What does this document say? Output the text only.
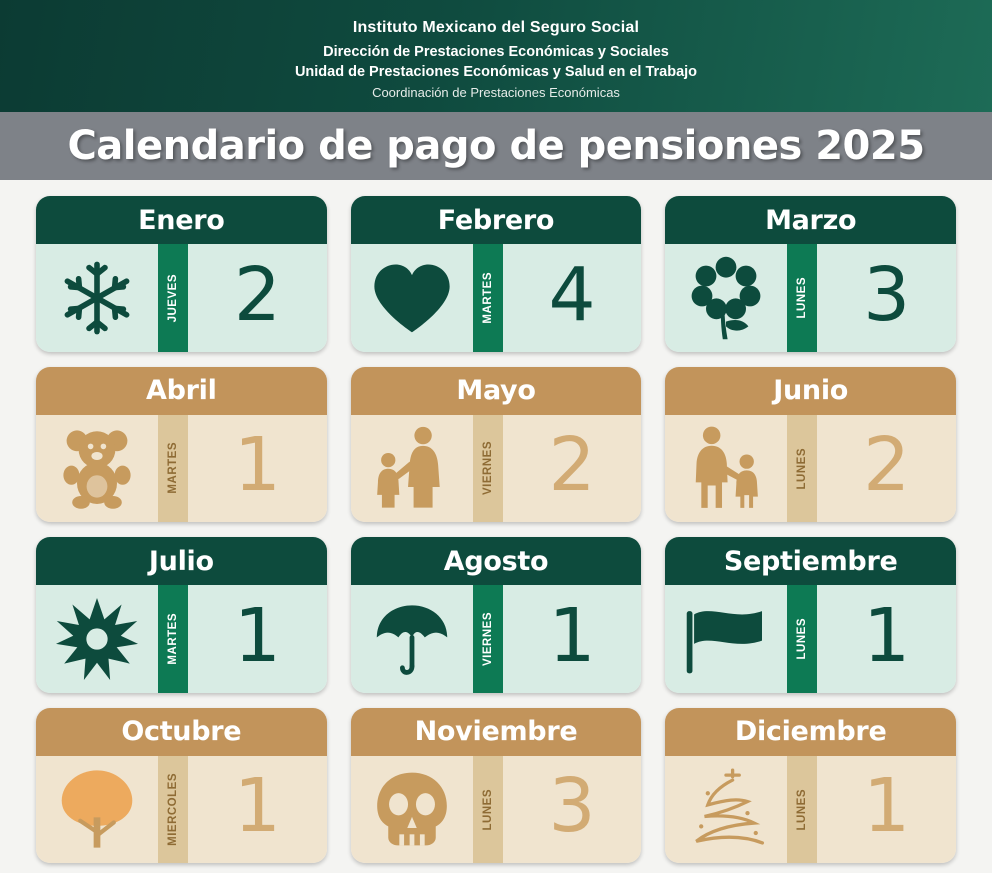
Instituto Mexicano del Seguro Social
Dirección de Prestaciones Económicas y Sociales
Unidad de Prestaciones Económicas y Salud en el Trabajo
Coordinación de Prestaciones Económicas
Calendario de pago de pensiones 2025
Enero
JUEVES 2
Febrero
MARTES 4
Marzo
LUNES 3
Abril
MARTES 1
Mayo
VIERNES 2
Junio
LUNES 2
Julio
MARTES 1
Agosto
VIERNES 1
Septiembre
LUNES 1
Octubre
MIERCOLES 1
Noviembre
LUNES 3
Diciembre
LUNES 1
